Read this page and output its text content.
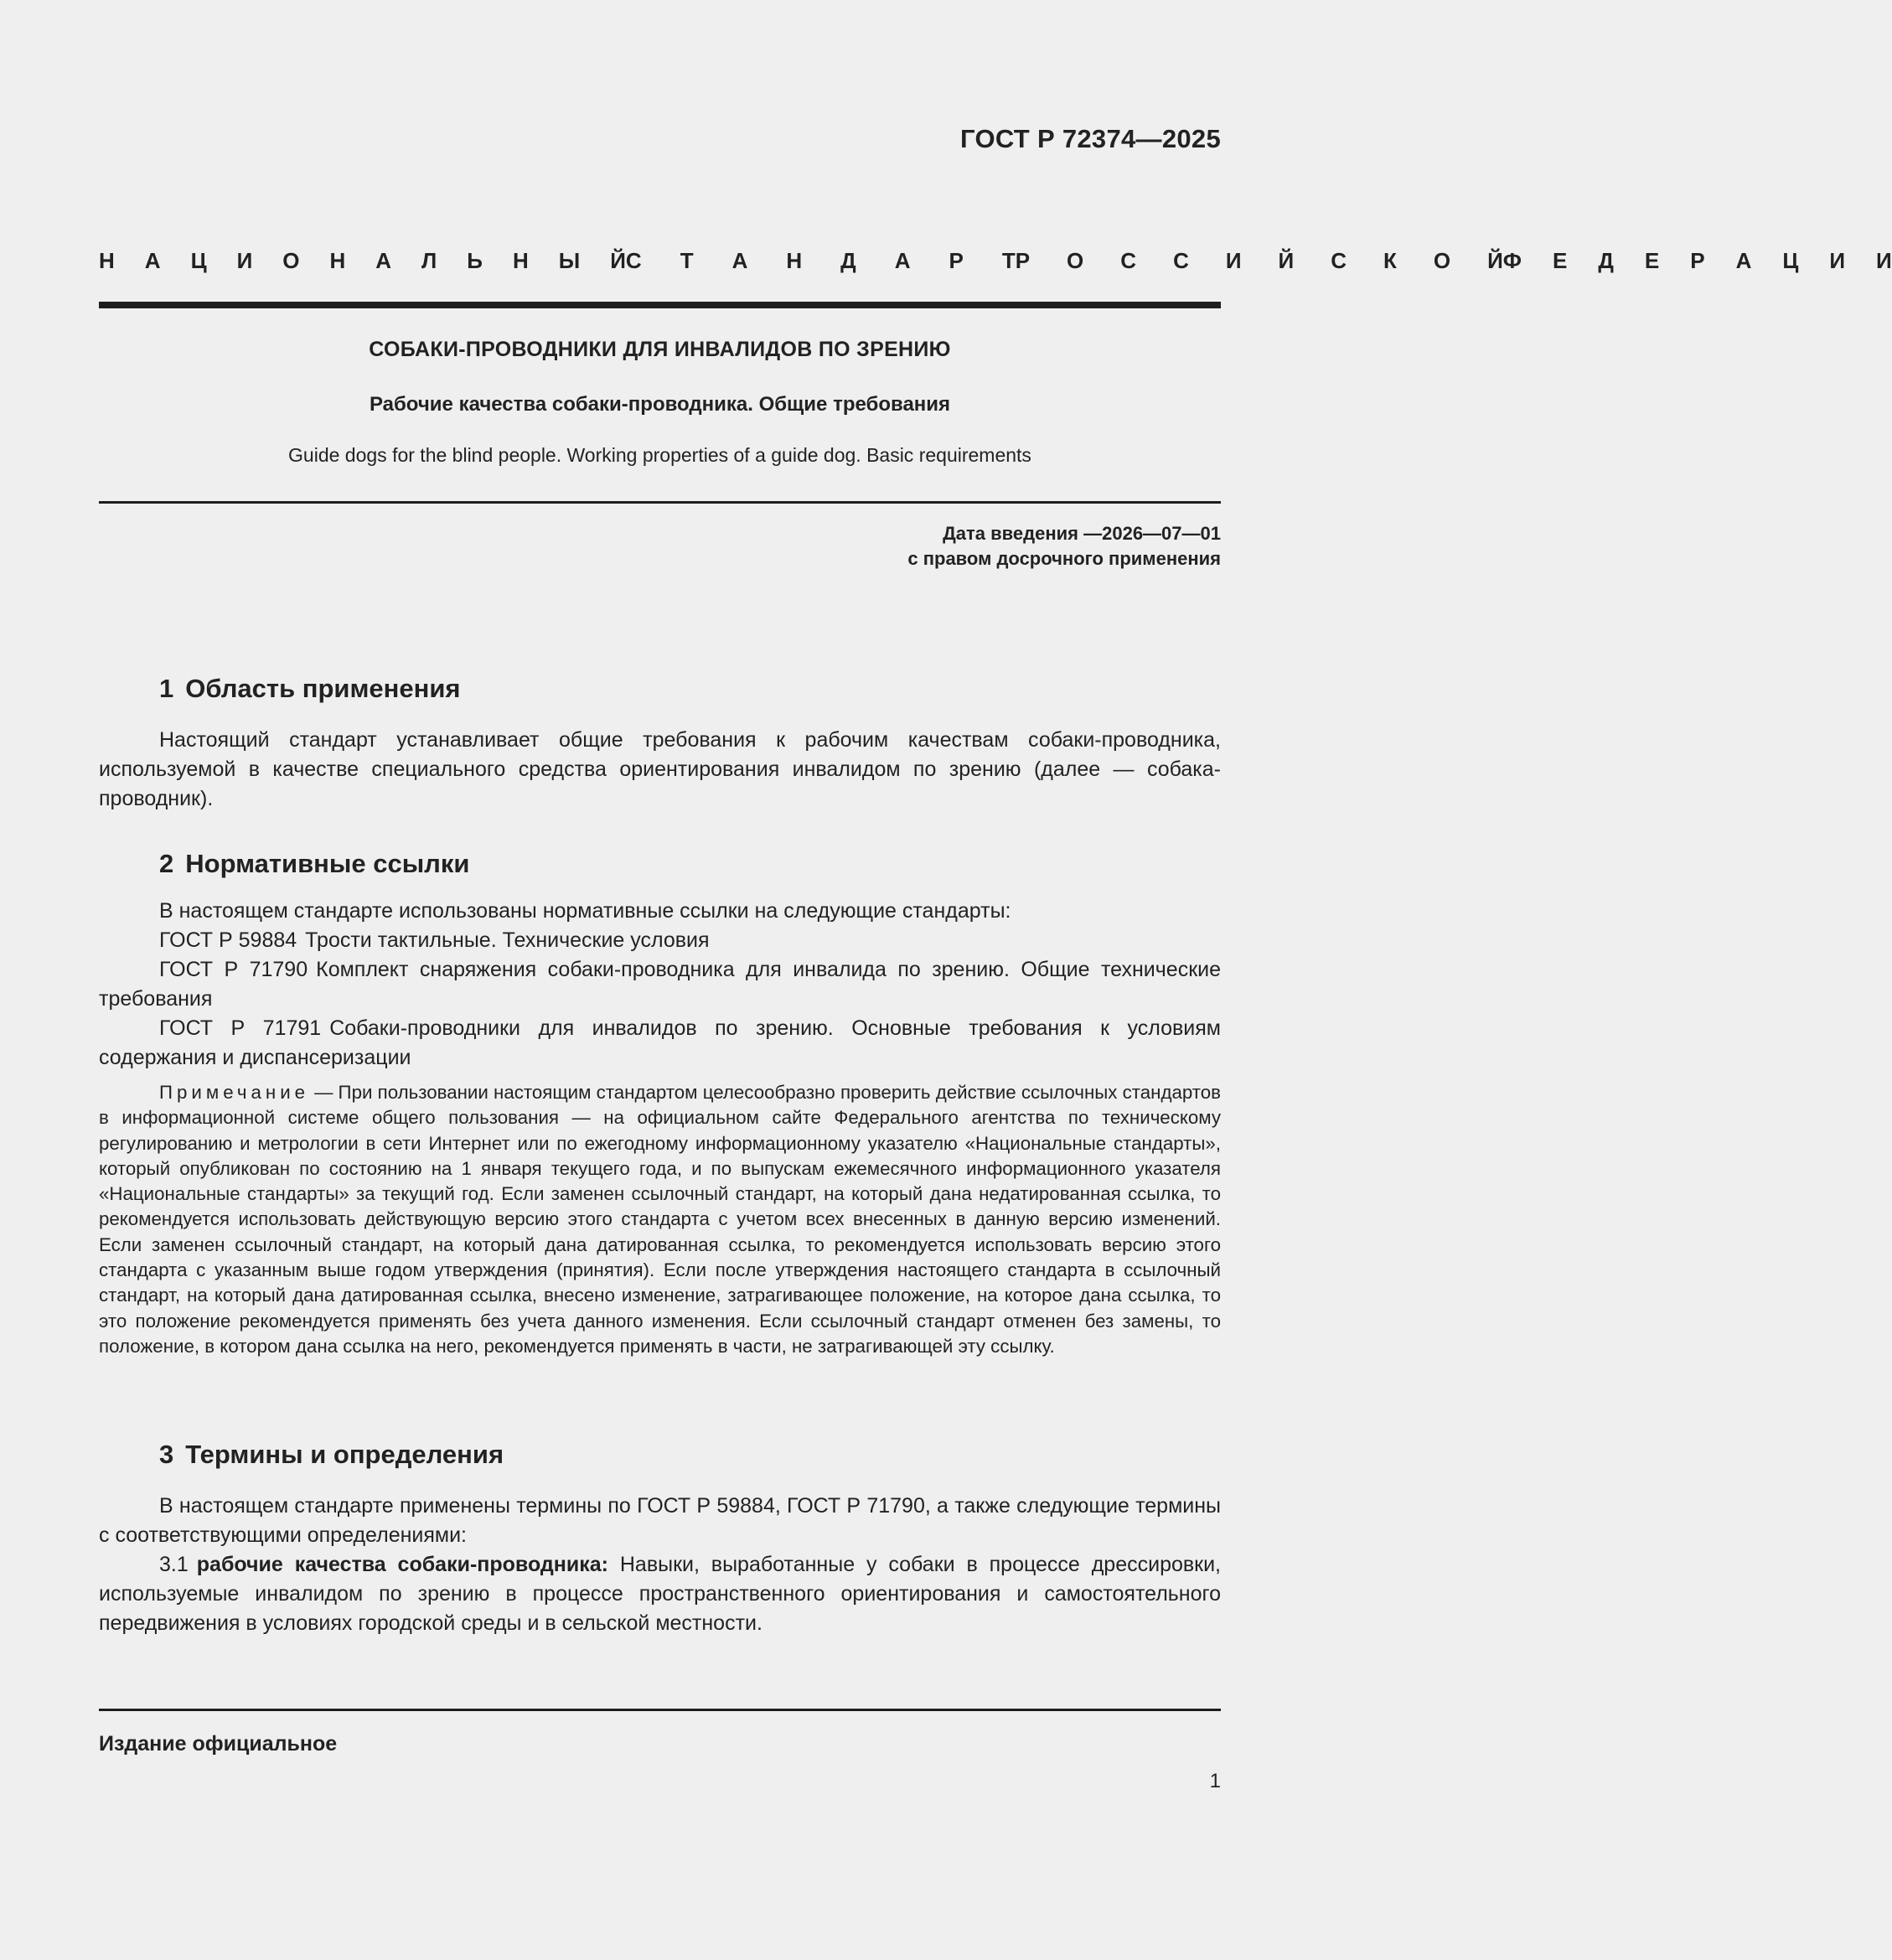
ГОСТ Р 72374—2025
Н А Ц И О Н А Л Ь Н Ы Й С Т А Н Д А Р Т Р О С С И Й С К О Й Ф Е Д Е Р А Ц И И
СОБАКИ-ПРОВОДНИКИ ДЛЯ ИНВАЛИДОВ ПО ЗРЕНИЮ
Рабочие качества собаки-проводника. Общие требования
Guide dogs for the blind people. Working properties of a guide dog. Basic requirements
Дата введения —2026—07—01
с правом досрочного применения
1 Область применения
Настоящий стандарт устанавливает общие требования к рабочим качествам собаки-проводника, используемой в качестве специального средства ориентирования инвалидом по зрению (далее — собака-проводник).
2 Нормативные ссылки
В настоящем стандарте использованы нормативные ссылки на следующие стандарты:
ГОСТ Р 59884 Трости тактильные. Технические условия
ГОСТ Р 71790 Комплект снаряжения собаки-проводника для инвалида по зрению. Общие технические требования
ГОСТ Р 71791 Собаки-проводники для инвалидов по зрению. Основные требования к условиям содержания и диспансеризации
Примечание — При пользовании настоящим стандартом целесообразно проверить действие ссылочных стандартов в информационной системе общего пользования — на официальном сайте Федерального агентства по техническому регулированию и метрологии в сети Интернет или по ежегодному информационному указателю «Национальные стандарты», который опубликован по состоянию на 1 января текущего года, и по выпускам ежемесячного информационного указателя «Национальные стандарты» за текущий год. Если заменен ссылочный стандарт, на который дана недатированная ссылка, то рекомендуется использовать действующую версию этого стандарта с учетом всех внесенных в данную версию изменений. Если заменен ссылочный стандарт, на который дана датированная ссылка, то рекомендуется использовать версию этого стандарта с указанным выше годом утверждения (принятия). Если после утверждения настоящего стандарта в ссылочный стандарт, на который дана датированная ссылка, внесено изменение, затрагивающее положение, на которое дана ссылка, то это положение рекомендуется применять без учета данного изменения. Если ссылочный стандарт отменен без замены, то положение, в котором дана ссылка на него, рекомендуется применять в части, не затрагивающей эту ссылку.
3 Термины и определения
В настоящем стандарте применены термины по ГОСТ Р 59884, ГОСТ Р 71790, а также следующие термины с соответствующими определениями:
3.1 рабочие качества собаки-проводника: Навыки, выработанные у собаки в процессе дрессировки, используемые инвалидом по зрению в процессе пространственного ориентирования и самостоятельного передвижения в условиях городской среды и в сельской местности.
Издание официальное
1
